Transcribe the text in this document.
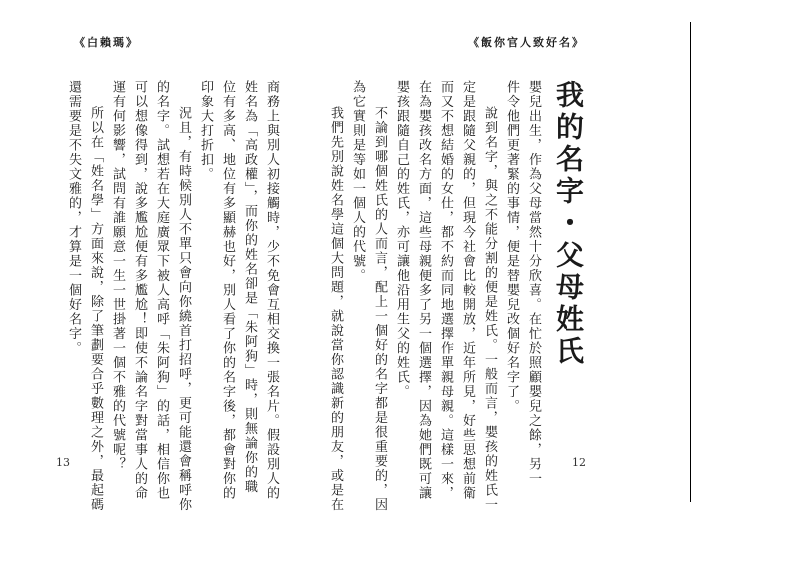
《白賴瑪》	《飯你官人致好名》
我的名字・父母姓氏
嬰兒出生，作為父母當然十分欣喜。在忙於照顧嬰兒之餘，另一
件令他們更著緊的事情，便是替嬰兒改個好名字了。
說到名字，與之不能分割的便是姓氏。一般而言，嬰孩的姓氏一
定是跟隨父親的，但現今社會比較開放，近年所見，好些思想前衛
而又不想結婚的女仕，都不約而同地選擇作單親母親。這樣一來，
在為嬰孩改名方面，這些母親便多了另一個選擇，因為她們既可讓
嬰孩跟隨自己的姓氏，亦可讓他沿用生父的姓氏。
不論到哪個姓氏的人而言，配上一個好的名字都是很重要的，因
為它實則是等如一個人的代號。
我們先別說姓名學這個大問題，就說當你認識新的朋友，或是在
商務上與別人初接觸時，少不免會互相交換一張名片。假設別人的
姓名為「高政權」，而你的姓名卻是「朱阿狗」時，則無論你的職
位有多高、地位有多顯赫也好，別人看了你的名字後，都會對你的
印象大打折扣。
況且，有時候別人不單只會向你繞首打招呼，更可能還會稱呼你
的名字。試想若在大庭廣眾下被人高呼「朱阿狗」的話，相信你也
可以想像得到，說多尷尬便有多尷尬！即使不論名字對當事人的命
運有何影響，試問有誰願意一生一世掛著一個不雅的代號呢？
所以在「姓名學」方面來說，除了筆劃要合乎數理之外，最起碼
還需要是不失文雅的，才算是一個好名字。
13	12
